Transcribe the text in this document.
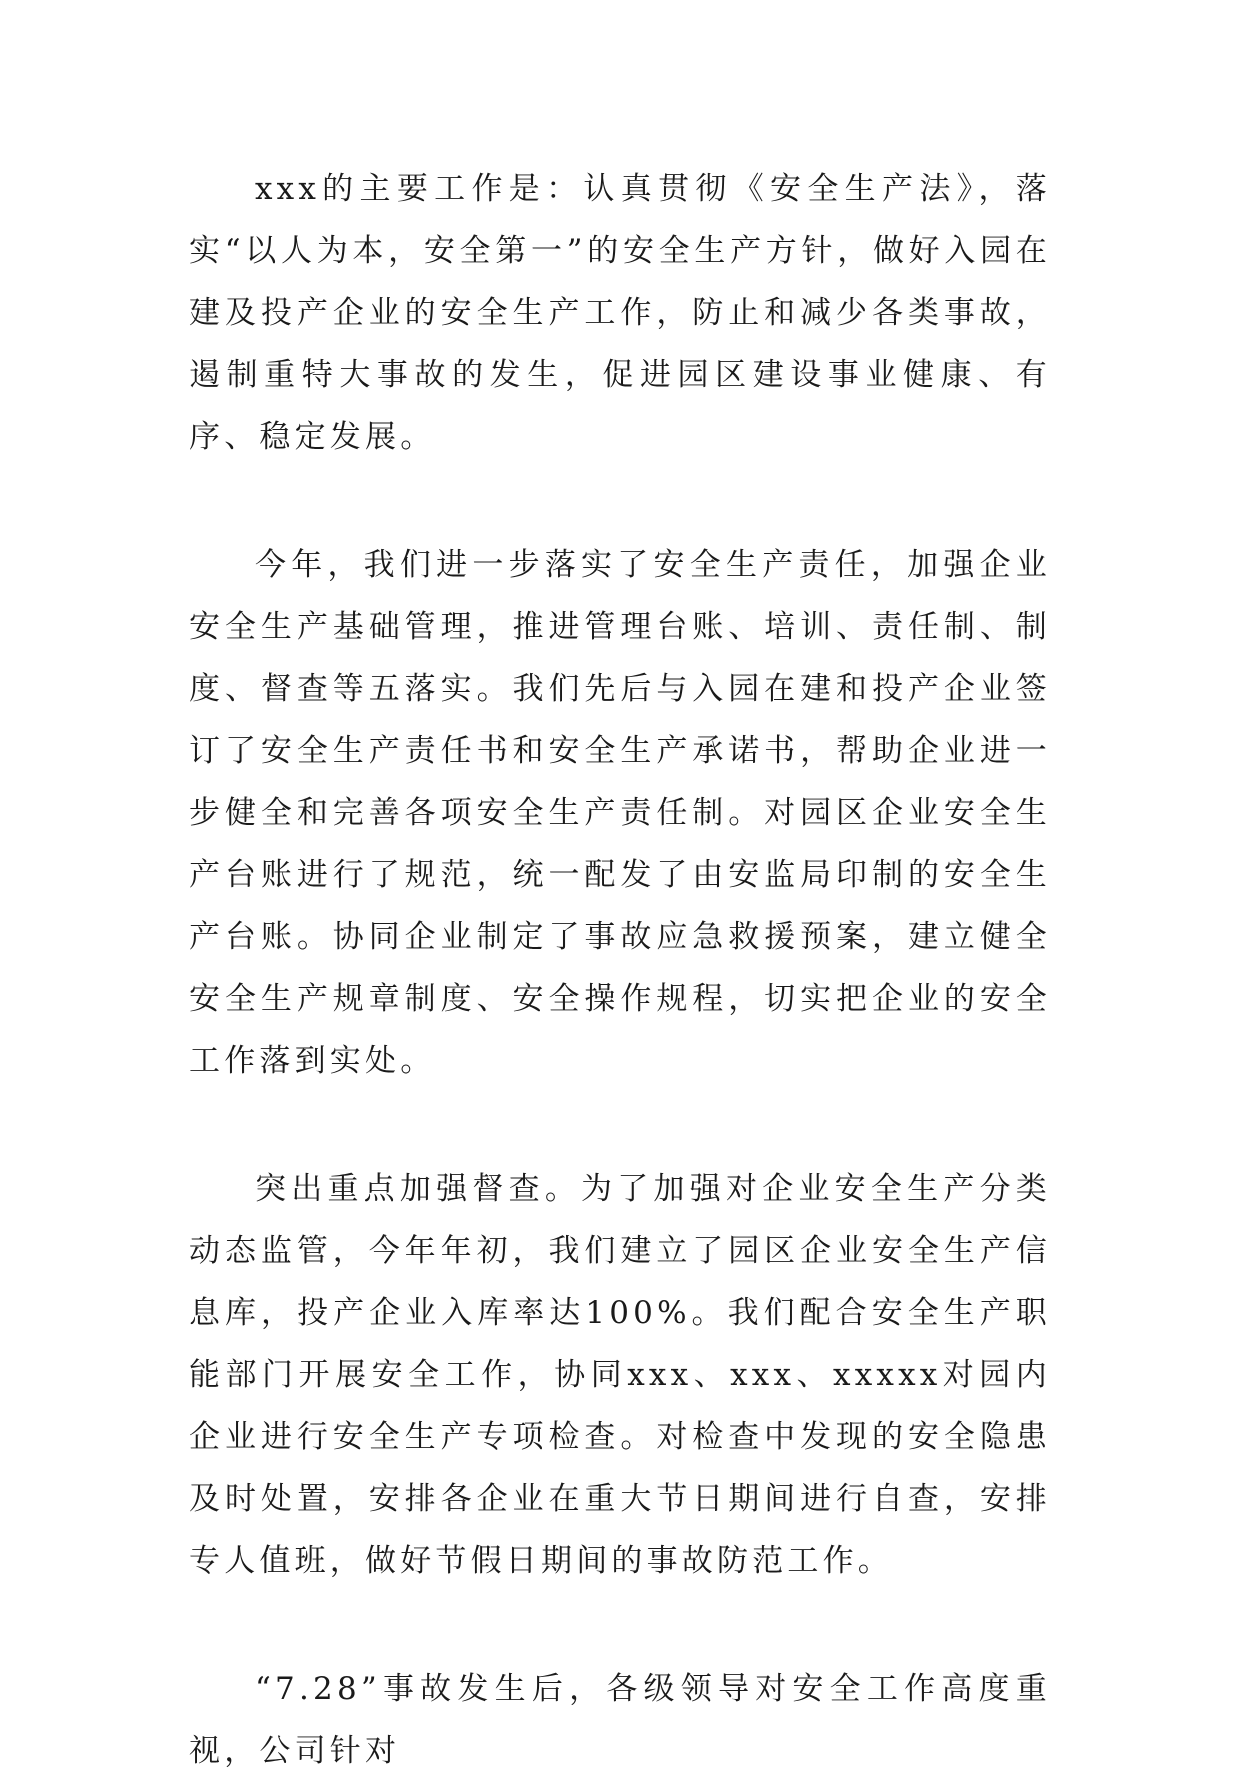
xxx的主要工作是：认真贯彻《安全生产法》，落实“以人为本，安全第一”的安全生产方针，做好入园在建及投产企业的安全生产工作，防止和减少各类事故，遏制重特大事故的发生，促进园区建设事业健康、有序、稳定发展。

今年，我们进一步落实了安全生产责任，加强企业安全生产基础管理，推进管理台账、培训、责任制、制度、督查等五落实。我们先后与入园在建和投产企业签订了安全生产责任书和安全生产承诺书，帮助企业进一步健全和完善各项安全生产责任制。对园区企业安全生产台账进行了规范，统一配发了由安监局印制的安全生产台账。协同企业制定了事故应急救援预案，建立健全安全生产规章制度、安全操作规程，切实把企业的安全工作落到实处。

突出重点加强督查。为了加强对企业安全生产分类动态监管，今年年初，我们建立了园区企业安全生产信息库，投产企业入库率达100%。我们配合安全生产职能部门开展安全工作，协同xxx、xxx、xxxxx对园内企业进行安全生产专项检查。对检查中发现的安全隐患及时处置，安排各企业在重大节日期间进行自查，安排专人值班，做好节假日期间的事故防范工作。

“7.28”事故发生后，各级领导对安全工作高度重视，公司针对
